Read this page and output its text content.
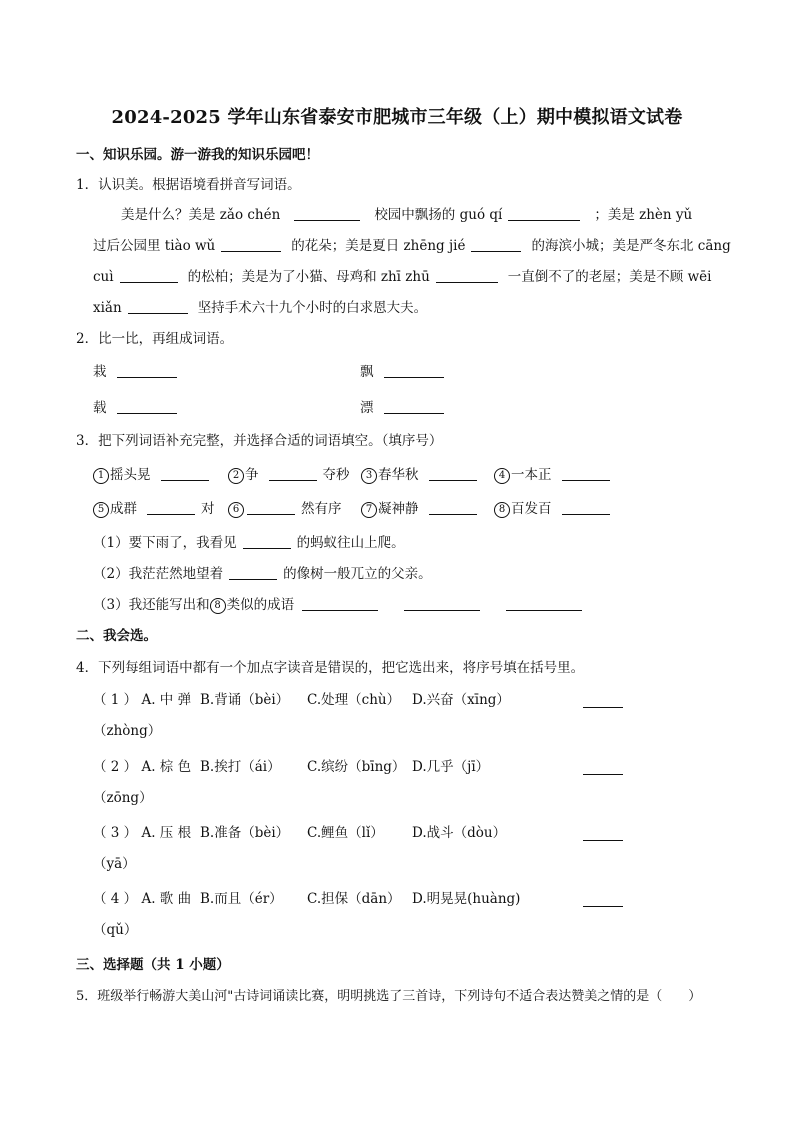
2024-2025 学年山东省泰安市肥城市三年级（上）期中模拟语文试卷
一、知识乐园。游一游我的知识乐园吧！
1．认识美。根据语境看拼音写词语。
美是什么？美是 zǎo chén	校园中飘扬的 guó qí	；美是 zhèn yǔ
过后公园里 tiào wǔ	的花朵；美是夏日 zhēng jié	的海滨小城；美是严冬东北 cāng
cuì	的松柏；美是为了小猫、母鸡和 zhī zhū	一直倒不了的老屋；美是不顾 wēi
xiǎn	坚持手术六十九个小时的白求恩大夫。
2．比一比，再组成词语。
栽	飘
载	漂
3．把下列词语补充完整，并选择合适的词语填空。（填序号）
1 摇头晃	2 争	夺秒	3 春华秋	4 一本正
5 成群	对	6	然有序	7 凝神静	8 百发百
（1）要下雨了，我看见	的蚂蚁往山上爬。
（2）我茫茫然地望着	的像树一般兀立的父亲。
（3）我还能写出和 8 类似的成语
二、我会选。
4．下列每组词语中都有一个加点字读音是错误的，把它选出来，将序号填在括号里。
（ 1 ） A. 中 弹 B.背诵（bèi） C.处理（chù） D.兴奋（xīng）
（zhòng）
（ 2 ） A. 棕 色 B.挨打（ái） C.缤纷（bīng） D.几乎（jī）
（zōng）
（ 3 ） A. 压 根 B.准备（bèi） C.鲤鱼（lǐ） D.战斗（dòu）
（yā）
（ 4 ） A. 歌 曲 B.而且（ér） C.担保（dān） D.明晃晃(huàng)
（qǔ）
三、选择题（共 1 小题）
5．班级举行畅游大美山河"古诗词诵读比赛，明明挑选了三首诗，下列诗句不适合表达赞美之情的是（　　）
